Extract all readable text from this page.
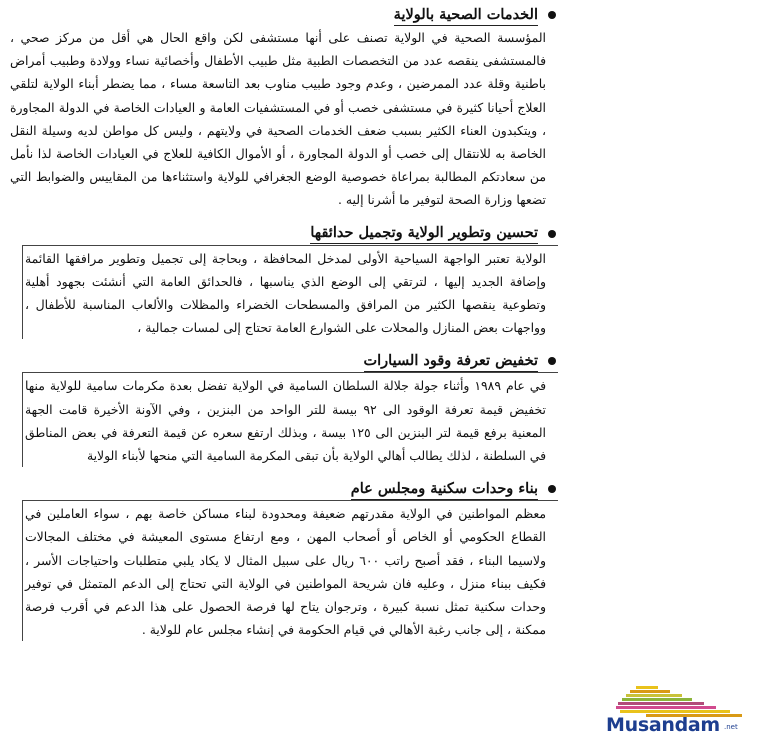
الخدمات الصحية بالولاية

المؤسسة الصحية في الولاية تصنف على أنها مستشفى لكن واقع الحال هي أقل من مركز صحي ، فالمستشفى ينقصه عدد من التخصصات الطبية مثل طبيب الأطفال وأخصائية نساء وولادة وطبيب أمراض باطنية وقلة عدد الممرضين ، وعدم وجود طبيب مناوب بعد التاسعة مساء ، مما يضطر أبناء الولاية لتلقي العلاج أحيانا كثيرة في مستشفى خصب أو في المستشفيات العامة و العيادات الخاصة في الدولة المجاورة ، ويتكبدون العناء الكثير بسبب ضعف الخدمات الصحية في ولايتهم ، وليس كل مواطن لديه وسيلة النقل الخاصة به للانتقال إلى خصب أو الدولة المجاورة ، أو الأموال الكافية للعلاج في العيادات الخاصة لذا نأمل من سعادتكم المطالبة بمراعاة خصوصية الوضع الجغرافي للولاية واستثناءها من المقاييس والضوابط التي تضعها وزارة الصحة لتوفير ما أشرنا إليه .

تحسين وتطوير الولاية وتجميل حدائقها

الولاية تعتبر الواجهة السياحية الأولى لمدخل المحافظة ، وبحاجة إلى تجميل وتطوير مرافقها القائمة وإضافة الجديد إليها ، لترتقي إلى الوضع الذي يناسبها ، فالحدائق العامة التي أنشئت بجهود أهلية وتطوعية ينقصها الكثير من المرافق والمسطحات الخضراء والمظلات والألعاب المناسبة للأطفال ، وواجهات بعض المنازل والمحلات على الشوارع العامة تحتاج إلى لمسات جمالية ،

تخفيض تعرفة وقود السيارات

في عام ١٩٨٩ وأثناء جولة جلالة السلطان السامية في الولاية تفضل بعدة مكرمات سامية للولاية منها تخفيض قيمة تعرفة الوقود الى ٩٢ بيسة للتر الواحد من البنزين ، وفي الآونة الأخيرة قامت الجهة المعنية برفع قيمة لتر البنزين الى ١٢٥ بيسة ، وبذلك ارتفع سعره عن قيمة التعرفة في بعض المناطق في السلطنة ، لذلك يطالب أهالي الولاية بأن تبقى المكرمة السامية التي منحها لأبناء الولاية

بناء وحدات سكنية ومجلس عام

معظم المواطنين في الولاية مقدرتهم ضعيفة ومحدودة لبناء مساكن خاصة بهم ، سواء العاملين في القطاع الحكومي أو الخاص أو أصحاب المهن ، ومع ارتفاع مستوى المعيشة في مختلف المجالات ولاسيما البناء ، فقد أصبح راتب ٦٠٠ ريال على سبيل المثال لا يكاد يلبي متطلبات واحتياجات الأسر ، فكيف ببناء منزل ، وعليه فان شريحة المواطنين في الولاية التي تحتاج إلى الدعم المتمثل في توفير وحدات سكنية تمثل نسبة كبيرة ، وترجوان يتاح لها فرصة الحصول على هذا الدعم في أقرب فرصة ممكنة ، إلى جانب رغبة الأهالي في قيام الحكومة في إنشاء مجلس عام للولاية .

Musandam .net
